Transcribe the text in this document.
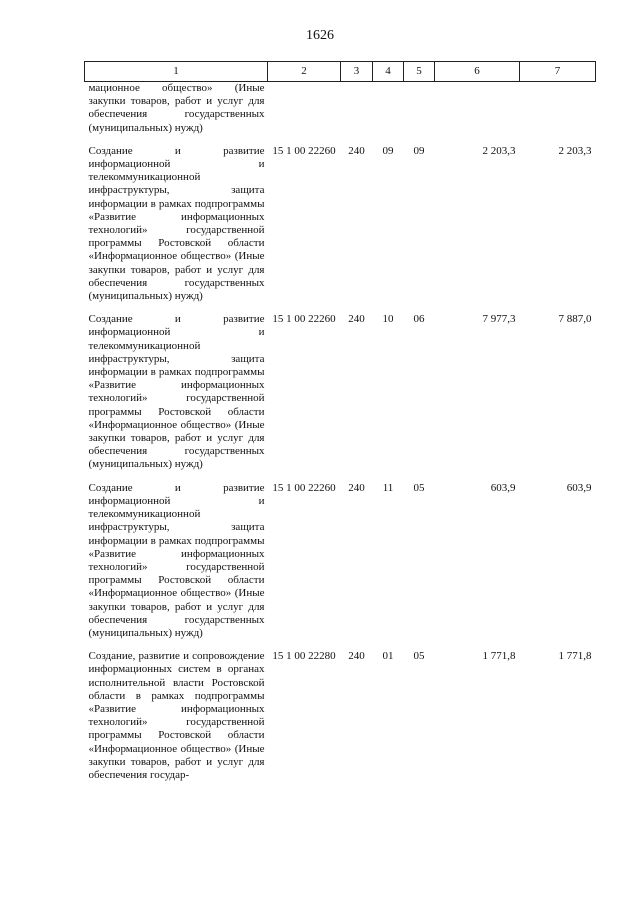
1626
1	2	3	4	5	6	7
мационное общество» (Иные закупки товаров, работ и услуг для обеспечения государственных (муниципальных) нужд)						

Создание и развитие информационной и телекоммуникационной инфраструктуры, защита информации в рамках подпрограммы «Развитие информационных технологий» государственной программы Ростовской области «Информационное общество» (Иные закупки товаров, работ и услуг для обеспечения государственных (муниципальных) нужд)	15 1 00 22260	240	09	09	2 203,3	2 203,3

Создание и развитие информационной и телекоммуникационной инфраструктуры, защита информации в рамках подпрограммы «Развитие информационных технологий» государственной программы Ростовской области «Информационное общество» (Иные закупки товаров, работ и услуг для обеспечения государственных (муниципальных) нужд)	15 1 00 22260	240	10	06	7 977,3	7 887,0

Создание и развитие информационной и телекоммуникационной инфраструктуры, защита информации в рамках подпрограммы «Развитие информационных технологий» государственной программы Ростовской области «Информационное общество» (Иные закупки товаров, работ и услуг для обеспечения государственных (муниципальных) нужд)	15 1 00 22260	240	11	05	603,9	603,9

Создание, развитие и сопровождение информационных систем в органах исполнительной власти Ростовской области в рамках подпрограммы «Развитие информационных технологий» государственной программы Ростовской области «Информационное общество» (Иные закупки товаров, работ и услуг для обеспечения государ-	15 1 00 22280	240	01	05	1 771,8	1 771,8
